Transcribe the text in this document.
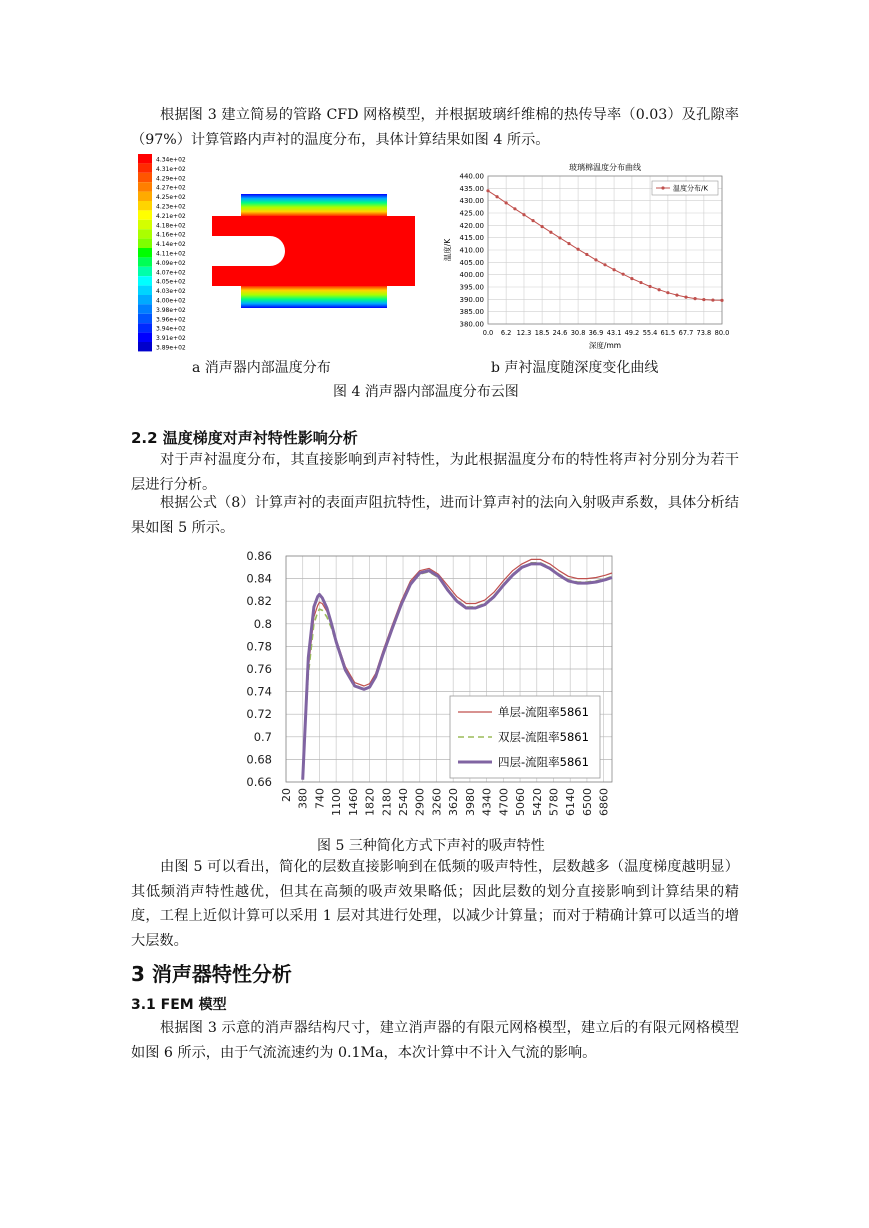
根据图 3 建立简易的管路 CFD 网格模型，并根据玻璃纤维棉的热传导率（0.03）及孔隙率（97%）计算管路内声衬的温度分布，具体计算结果如图 4 所示。
4.34e+02
4.31e+02
4.29e+02
4.27e+02
4.25e+02
4.23e+02
4.21e+02
4.18e+02
4.16e+02
4.14e+02
4.11e+02
4.09e+02
4.07e+02
4.05e+02
4.03e+02
4.00e+02
3.98e+02
3.96e+02
3.94e+02
3.91e+02
3.89e+02
玻璃棉温度分布曲线
380.00
385.00
390.00
395.00
400.00
405.00
410.00
415.00
420.00
425.00
430.00
435.00
440.00
0.0 6.2 12.3 18.5 24.6 30.8 36.9 43.1 49.2 55.4 61.5 67.7 73.8 80.0
深度/mm
温度/K
温度分布/K
a 消声器内部温度分布	b 声衬温度随深度变化曲线
图 4 消声器内部温度分布云图
2.2 温度梯度对声衬特性影响分析
对于声衬温度分布，其直接影响到声衬特性，为此根据温度分布的特性将声衬分别分为若干层进行分析。
根据公式（8）计算声衬的表面声阻抗特性，进而计算声衬的法向入射吸声系数，具体分析结果如图 5 所示。
20 380 740 1100 1460 1820 2180 2540 2900 3260 3620 3980 4340 4700 5060 5420 5780 6140 6500 6860
0.66
0.68
0.7
0.72
0.74
0.76
0.78
0.8
0.82
0.84
0.86
单层-流阻率5861
双层-流阻率5861
四层-流阻率5861
图 5 三种简化方式下声衬的吸声特性
由图 5 可以看出，简化的层数直接影响到在低频的吸声特性，层数越多（温度梯度越明显）其低频消声特性越优，但其在高频的吸声效果略低；因此层数的划分直接影响到计算结果的精度，工程上近似计算可以采用 1 层对其进行处理，以减少计算量；而对于精确计算可以适当的增大层数。
3 消声器特性分析
3.1 FEM 模型
根据图 3 示意的消声器结构尺寸，建立消声器的有限元网格模型，建立后的有限元网格模型如图 6 所示，由于气流流速约为 0.1Ma，本次计算中不计入气流的影响。
